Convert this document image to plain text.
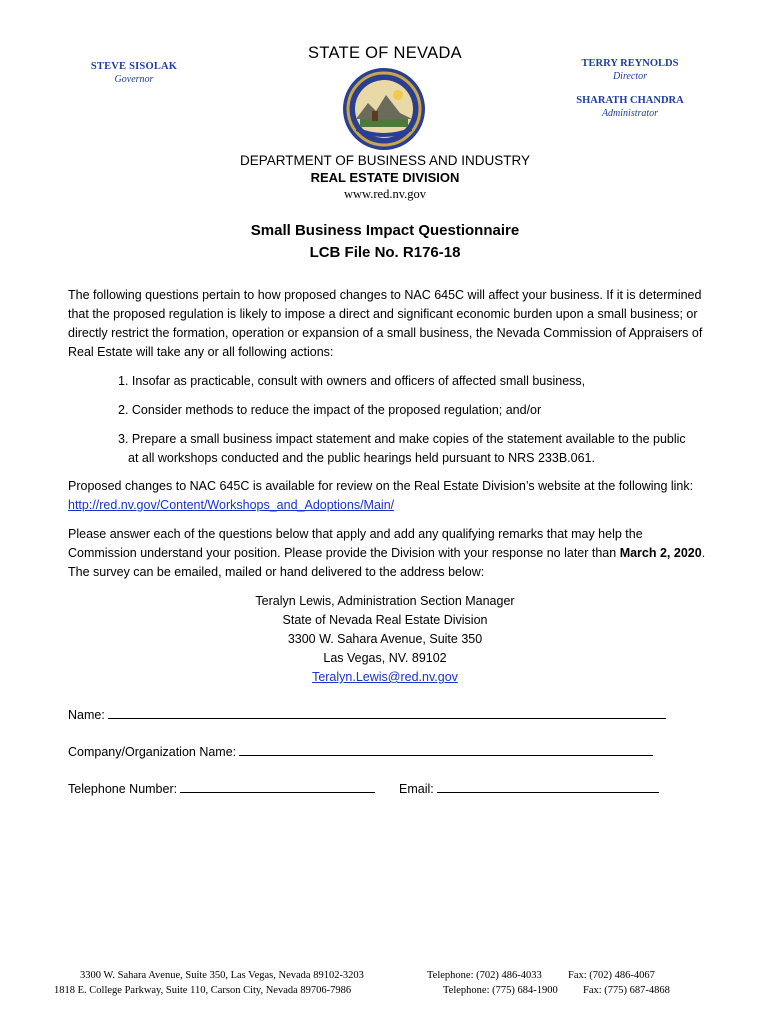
STEVE SISOLAK
Governor
STATE OF NEVADA
TERRY REYNOLDS
Director
SHARATH CHANDRA
Administrator
DEPARTMENT OF BUSINESS AND INDUSTRY
REAL ESTATE DIVISION
www.red.nv.gov
Small Business Impact Questionnaire
LCB File No. R176-18
The following questions pertain to how proposed changes to NAC 645C will affect your business. If it is determined that the proposed regulation is likely to impose a direct and significant economic burden upon a small business; or directly restrict the formation, operation or expansion of a small business, the Nevada Commission of Appraisers of Real Estate will take any or all following actions:
1. Insofar as practicable, consult with owners and officers of affected small business,
2. Consider methods to reduce the impact of the proposed regulation; and/or
3. Prepare a small business impact statement and make copies of the statement available to the public
at all workshops conducted and the public hearings held pursuant to NRS 233B.061.
Proposed changes to NAC 645C is available for review on the Real Estate Division’s website at the following link:
http://red.nv.gov/Content/Workshops_and_Adoptions/Main/
Please answer each of the questions below that apply and add any qualifying remarks that may help the Commission understand your position. Please provide the Division with your response no later than March 2, 2020. The survey can be emailed, mailed or hand delivered to the address below:
Teralyn Lewis, Administration Section Manager
State of Nevada Real Estate Division
3300 W. Sahara Avenue, Suite 350
Las Vegas, NV. 89102
Teralyn.Lewis@red.nv.gov
Name:
Company/Organization Name:
Telephone Number:	Email:
3300 W. Sahara Avenue, Suite 350, Las Vegas, Nevada 89102-3203	Telephone: (702) 486-4033	Fax: (702) 486-4067
1818 E. College Parkway, Suite 110, Carson City, Nevada 89706-7986	Telephone: (775) 684-1900 Fax: (775) 687-4868
